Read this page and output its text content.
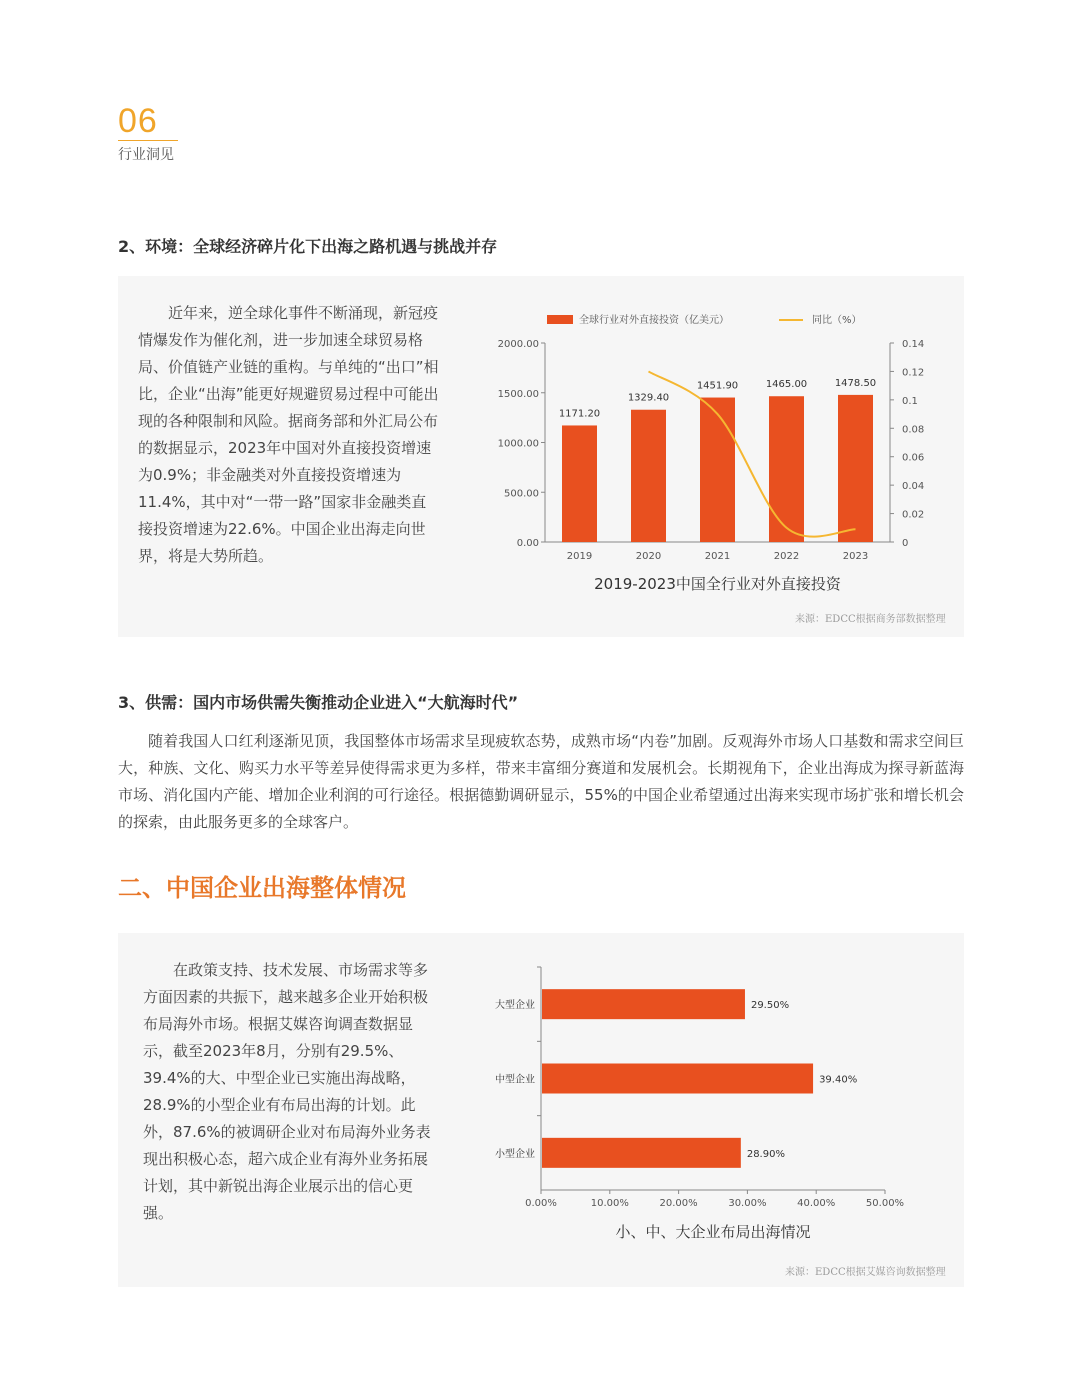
06
行业洞见
2、环境：全球经济碎片化下出海之路机遇与挑战并存

近年来，逆全球化事件不断涌现，新冠疫情爆发作为催化剂，进一步加速全球贸易格局、价值链产业链的重构。与单纯的“出口”相比，企业“出海”能更好规避贸易过程中可能出现的各种限制和风险。据商务部和外汇局公布的数据显示，2023年中国对外直接投资增速为0.9%；非金融类对外直接投资增速为11.4%，其中对“一带一路”国家非金融类直接投资增速为22.6%。中国企业出海走向世界，将是大势所趋。

全球行业对外直接投资（亿美元）	同比（%）
0.00
500.00
1000.00
1500.00
2000.00
0
0.02
0.04
0.06
0.08
0.1
0.12
0.14
1171.20
2019
1329.40
2020
1451.90
2021
1465.00
2022
1478.50
2023
2019-2023中国全行业对外直接投资
来源：EDCC根据商务部数据整理
3、供需：国内市场供需失衡推动企业进入“大航海时代”

随着我国人口红利逐渐见顶，我国整体市场需求呈现疲软态势，成熟市场“内卷”加剧。反观海外市场人口基数和需求空间巨大，种族、文化、购买力水平等差异使得需求更为多样，带来丰富细分赛道和发展机会。长期视角下，企业出海成为探寻新蓝海市场、消化国内产能、增加企业利润的可行途径。根据德勤调研显示，55%的中国企业希望通过出海来实现市场扩张和增长机会的探索，由此服务更多的全球客户。

二、中国企业出海整体情况

在政策支持、技术发展、市场需求等多方面因素的共振下，越来越多企业开始积极布局海外市场。根据艾媒咨询调查数据显示，截至2023年8月，分别有29.5%、39.4%的大、中型企业已实施出海战略，28.9%的小型企业有布局出海的计划。此外，87.6%的被调研企业对布局海外业务表现出积极心态，超六成企业有海外业务拓展计划，其中新锐出海企业展示出的信心更强。

0.00%	10.00%	20.00%	30.00%	40.00%	50.00%
大型企业	29.50%
中型企业	39.40%
小型企业	28.90%
小、中、大企业布局出海情况
来源：EDCC根据艾媒咨询数据整理
